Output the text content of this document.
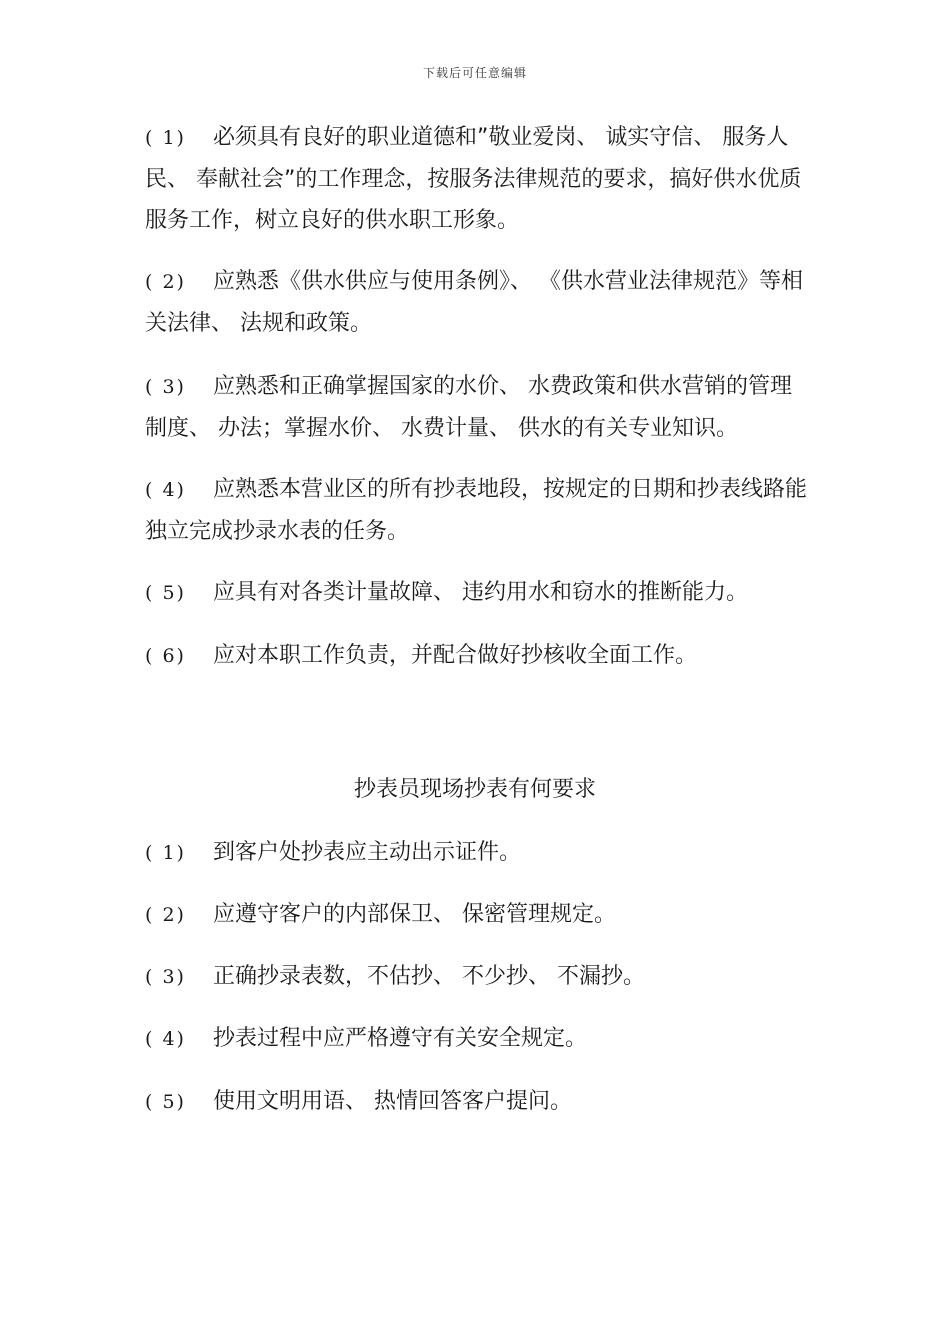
下载后可任意编辑

( 1) 必须具有良好的职业道德和”敬业爱岗、 诚实守信、 服务人民、 奉献社会”的工作理念，按服务法律规范的要求，搞好供水优质服务工作，树立良好的供水职工形象。

( 2) 应熟悉《供水供应与使用条例》、 《供水营业法律规范》等相关法律、 法规和政策。

( 3) 应熟悉和正确掌握国家的水价、 水费政策和供水营销的管理制度、 办法；掌握水价、 水费计量、 供水的有关专业知识。

( 4) 应熟悉本营业区的所有抄表地段，按规定的日期和抄表线路能独立完成抄录水表的任务。

( 5) 应具有对各类计量故障、 违约用水和窃水的推断能力。

( 6) 应对本职工作负责，并配合做好抄核收全面工作。

抄表员现场抄表有何要求

( 1) 到客户处抄表应主动出示证件。

( 2) 应遵守客户的内部保卫、 保密管理规定。

( 3) 正确抄录表数，不估抄、 不少抄、 不漏抄。

( 4) 抄表过程中应严格遵守有关安全规定。

( 5) 使用文明用语、 热情回答客户提问。
